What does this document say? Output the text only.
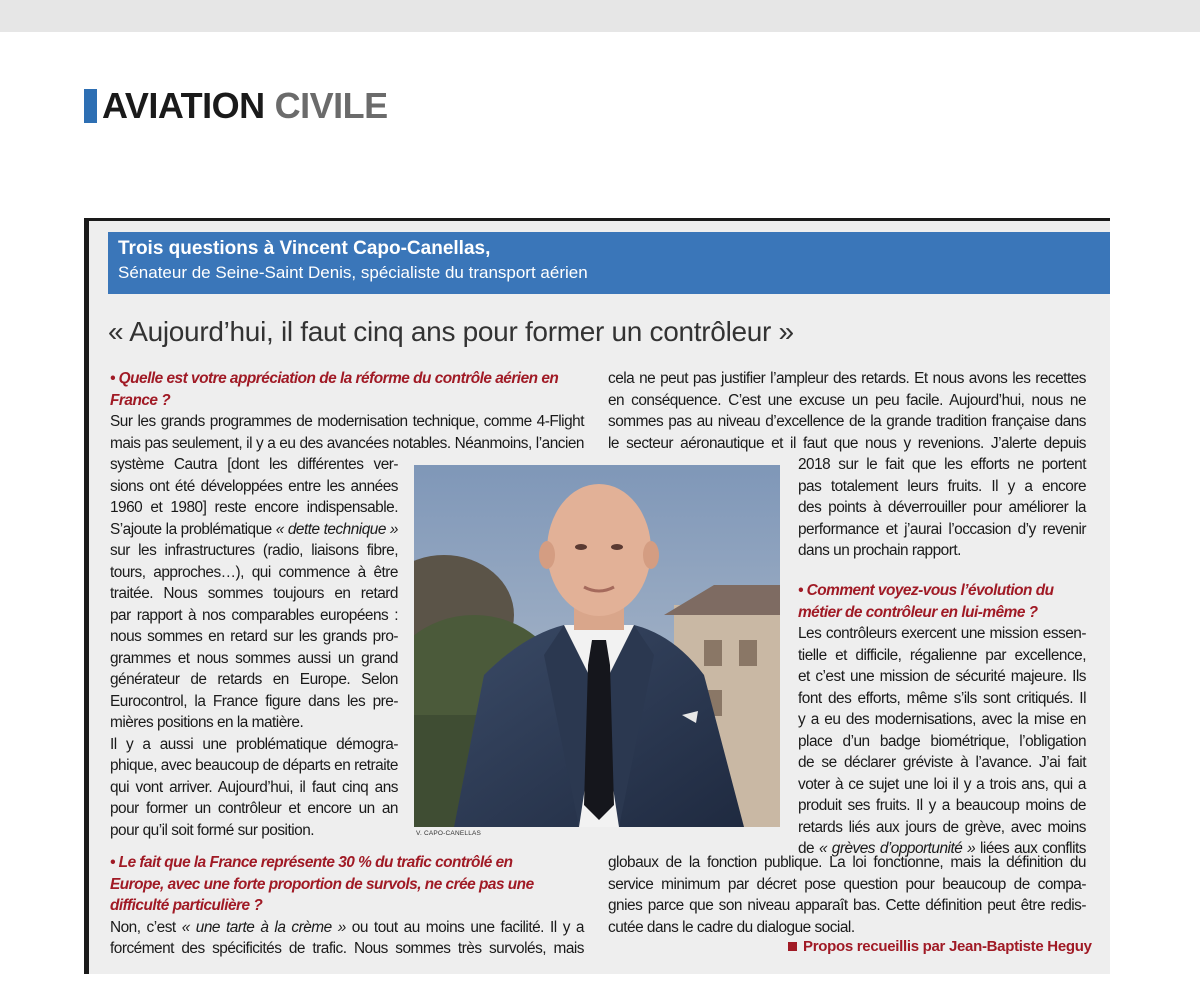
AVIATION CIVILE
Trois questions à Vincent Capo-Canellas,
Sénateur de Seine-Saint Denis, spécialiste du transport aérien
« Aujourd’hui, il faut cinq ans pour former un contrôleur »
• Quelle est votre appréciation de la réforme du contrôle aérien en
France ?
Sur les grands programmes de modernisation technique, comme 4-Flight
mais pas seulement, il y a eu des avancées notables. Néanmoins, l’ancien
système Cautra [dont les différentes ver-
sions ont été développées entre les années
1960 et 1980] reste encore indispensable.
S’ajoute la problématique « dette technique »
sur les infrastructures (radio, liaisons fibre,
tours, approches…), qui commence à être
traitée. Nous sommes toujours en retard
par rapport à nos comparables européens :
nous sommes en retard sur les grands pro-
grammes et nous sommes aussi un grand
générateur de retards en Europe. Selon
Eurocontrol, la France figure dans les pre-
mières positions en la matière.
Il y a aussi une problématique démogra-
phique, avec beaucoup de départs en retraite
qui vont arriver. Aujourd’hui, il faut cinq ans
pour former un contrôleur et encore un an
pour qu’il soit formé sur position.
• Le fait que la France représente 30 % du trafic contrôlé en
Europe, avec une forte proportion de survols, ne crée pas une
difficulté particulière ?
Non, c’est « une tarte à la crème » ou tout au moins une facilité. Il y a
forcément des spécificités de trafic. Nous sommes très survolés, mais
V. CAPO-CANELLAS
cela ne peut pas justifier l’ampleur des retards. Et nous avons les recettes
en conséquence. C’est une excuse un peu facile. Aujourd’hui, nous ne
sommes pas au niveau d’excellence de la grande tradition française dans
le secteur aéronautique et il faut que nous y revenions. J’alerte depuis
2018 sur le fait que les efforts ne portent
pas totalement leurs fruits. Il y a encore
des points à déverrouiller pour améliorer la
performance et j’aurai l’occasion d’y revenir
dans un prochain rapport.
• Comment voyez-vous l’évolution du
métier de contrôleur en lui-même ?
Les contrôleurs exercent une mission essen-
tielle et difficile, régalienne par excellence,
et c’est une mission de sécurité majeure. Ils
font des efforts, même s’ils sont critiqués. Il
y a eu des modernisations, avec la mise en
place d’un badge biométrique, l’obligation
de se déclarer gréviste à l’avance. J’ai fait
voter à ce sujet une loi il y a trois ans, qui a
produit ses fruits. Il y a beaucoup moins de
retards liés aux jours de grève, avec moins
de « grèves d’opportunité » liées aux conflits
globaux de la fonction publique. La loi fonctionne, mais la définition du
service minimum par décret pose question pour beaucoup de compa-
gnies parce que son niveau apparaît bas. Cette définition peut être redis-
cutée dans le cadre du dialogue social.
Propos recueillis par Jean-Baptiste Heguy
